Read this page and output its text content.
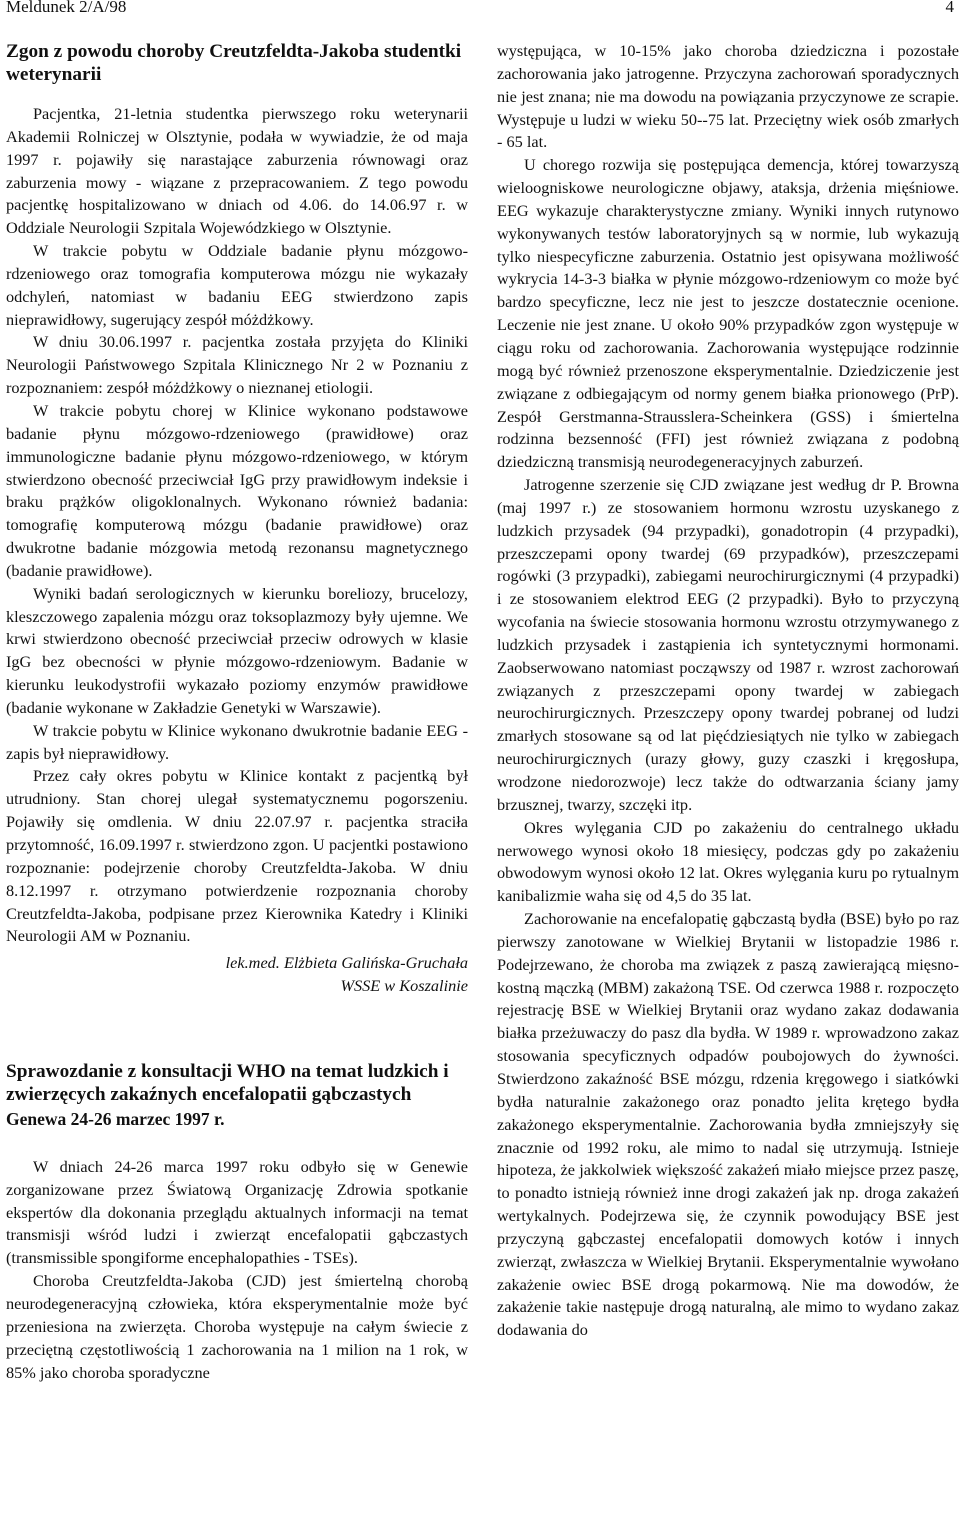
Meldunek 2/A/98	4
Zgon z powodu choroby Creutzfeldta-Jakoba studentki weterynarii

Pacjentka, 21-letnia studentka pierwszego roku weterynarii Akademii Rolniczej w Olsztynie, podała w wywiadzie, że od maja 1997 r. pojawiły się narastające zaburzenia równowagi oraz zaburzenia mowy - wiązane z przepracowaniem. Z tego powodu pacjentkę hospitalizowano w dniach od 4.06. do 14.06.97 r. w Oddziale Neurologii Szpitala Wojewódzkiego w Olsztynie.

W trakcie pobytu w Oddziale badanie płynu mózgowo-rdzeniowego oraz tomografia komputerowa mózgu nie wykazały odchyleń, natomiast w badaniu EEG stwierdzono zapis nieprawidłowy, sugerujący zespół móżdżkowy.

W dniu 30.06.1997 r. pacjentka została przyjęta do Kliniki Neurologii Państwowego Szpitala Klinicznego Nr 2 w Poznaniu z rozpoznaniem: zespół móżdżkowy o nieznanej etiologii.

W trakcie pobytu chorej w Klinice wykonano podstawowe badanie płynu mózgowo-rdzeniowego (prawidłowe) oraz immunologiczne badanie płynu mózgowo-rdzeniowego, w którym stwierdzono obecność przeciwciał IgG przy prawidłowym indeksie i braku prążków oligoklonalnych. Wykonano również badania: tomografię komputerową mózgu (badanie prawidłowe) oraz dwukrotne badanie mózgowia metodą rezonansu magnetycznego (badanie prawidłowe).

Wyniki badań serologicznych w kierunku boreliozy, brucelozy, kleszczowego zapalenia mózgu oraz toksoplazmozy były ujemne. We krwi stwierdzono obecność przeciwciał przeciw odrowych w klasie IgG bez obecności w płynie mózgowo-rdzeniowym. Badanie w kierunku leukodystrofii wykazało poziomy enzymów prawidłowe (badanie wykonane w Zakładzie Genetyki w Warszawie).

W trakcie pobytu w Klinice wykonano dwukrotnie badanie EEG - zapis był nieprawidłowy.

Przez cały okres pobytu w Klinice kontakt z pacjentką był utrudniony. Stan chorej ulegał systematycznemu pogorszeniu. Pojawiły się omdlenia. W dniu 22.07.97 r. pacjentka straciła przytomność, 16.09.1997 r. stwierdzono zgon. U pacjentki postawiono rozpoznanie: podejrzenie choroby Creutzfeldta-Jakoba. W dniu 8.12.1997 r. otrzymano potwierdzenie rozpoznania choroby Creutzfeldta-Jakoba, podpisane przez Kierownika Katedry i Kliniki Neurologii AM w Poznaniu.

lek.med. Elżbieta Galińska-Gruchała
WSSE w Koszalinie
Sprawozdanie z konsultacji WHO na temat ludzkich i zwierzęcych zakaźnych encefalopatii gąbczastych
Genewa 24-26 marzec 1997 r.

W dniach 24-26 marca 1997 roku odbyło się w Genewie zorganizowane przez Światową Organizację Zdrowia spotkanie ekspertów dla dokonania przeglądu aktualnych informacji na temat transmisji wśród ludzi i zwierząt encefalopatii gąbczastych (transmissible spongiforme encephalopathies - TSEs).

Choroba Creutzfeldta-Jakoba (CJD) jest śmiertelną chorobą neurodegeneracyjną człowieka, która eksperymentalnie może być przeniesiona na zwierzęta. Choroba występuje na całym świecie z przeciętną częstotliwością 1 zachorowania na 1 milion na 1 rok, w 85% jako choroba sporadyczne

występująca, w 10-15% jako choroba dziedziczna i pozostałe zachorowania jako jatrogenne. Przyczyna zachorowań sporadycznych nie jest znana; nie ma dowodu na powiązania przyczynowe ze scrapie. Występuje u ludzi w wieku 50--75 lat. Przeciętny wiek osób zmarłych - 65 lat.

U chorego rozwija się postępująca demencja, której towarzyszą wieloogniskowe neurologiczne objawy, ataksja, drżenia mięśniowe. EEG wykazuje charakterystyczne zmiany. Wyniki innych rutynowo wykonywanych testów laboratoryjnych są w normie, lub wykazują tylko niespecyficzne zaburzenia. Ostatnio jest opisywana możliwość wykrycia 14-3-3 białka w płynie mózgowo-rdzeniowym co może być bardzo specyficzne, lecz nie jest to jeszcze dostatecznie ocenione. Leczenie nie jest znane. U około 90% przypadków zgon występuje w ciągu roku od zachorowania. Zachorowania występujące rodzinnie mogą być również przenoszone eksperymentalnie. Dziedziczenie jest związane z odbiegającym od normy genem białka prionowego (PrP). Zespół Gerstmanna-Strausslera-Scheinkera (GSS) i śmiertelna rodzinna bezsenność (FFI) jest również związana z podobną dziedziczną transmisją neurodegeneracyjnych zaburzeń.

Jatrogenne szerzenie się CJD związane jest według dr P. Browna (maj 1997 r.) ze stosowaniem hormonu wzrostu uzyskanego z ludzkich przysadek (94 przypadki), gonadotropin (4 przypadki), przeszczepami opony twardej (69 przypadków), przeszczepami rogówki (3 przypadki), zabiegami neurochirurgicznymi (4 przypadki) i ze stosowaniem elektrod EEG (2 przypadki). Było to przyczyną wycofania na świecie stosowania hormonu wzrostu otrzymywanego z ludzkich przysadek i zastąpienia ich syntetycznymi hormonami. Zaobserwowano natomiast począwszy od 1987 r. wzrost zachorowań związanych z przeszczepami opony twardej w zabiegach neurochirurgicznych. Przeszczepy opony twardej pobranej od ludzi zmarłych stosowane są od lat pięćdziesiątych nie tylko w zabiegach neurochirurgicznych (urazy głowy, guzy czaszki i kręgosłupa, wrodzone niedorozwoje) lecz także do odtwarzania ściany jamy brzusznej, twarzy, szczęki itp.

Okres wylęgania CJD po zakażeniu do centralnego układu nerwowego wynosi około 18 miesięcy, podczas gdy po zakażeniu obwodowym wynosi około 12 lat. Okres wylęgania kuru po rytualnym kanibalizmie waha się od 4,5 do 35 lat.

Zachorowanie na encefalopatię gąbczastą bydła (BSE) było po raz pierwszy zanotowane w Wielkiej Brytanii w listopadzie 1986 r. Podejrzewano, że choroba ma związek z paszą zawierającą mięsno-kostną mączką (MBM) zakażoną TSE. Od czerwca 1988 r. rozpoczęto rejestrację BSE w Wielkiej Brytanii oraz wydano zakaz dodawania białka przeżuwaczy do pasz dla bydła. W 1989 r. wprowadzono zakaz stosowania specyficznych odpadów poubojowych do żywności. Stwierdzono zakaźność BSE mózgu, rdzenia kręgowego i siatkówki bydła naturalnie zakażonego oraz ponadto jelita krętego bydła zakażonego eksperymentalnie. Zachorowania bydła zmniejszyły się znacznie od 1992 roku, ale mimo to nadal się utrzymują. Istnieje hipoteza, że jakkolwiek większość zakażeń miało miejsce przez paszę, to ponadto istnieją również inne drogi zakażeń jak np. droga zakażeń wertykalnych. Podejrzewa się, że czynnik powodujący BSE jest przyczyną gąbczastej encefalopatii domowych kotów i innych zwierząt, zwłaszcza w Wielkiej Brytanii. Eksperymentalnie wywołano zakażenie owiec BSE drogą pokarmową. Nie ma dowodów, że zakażenie takie następuje drogą naturalną, ale mimo to wydano zakaz dodawania do
